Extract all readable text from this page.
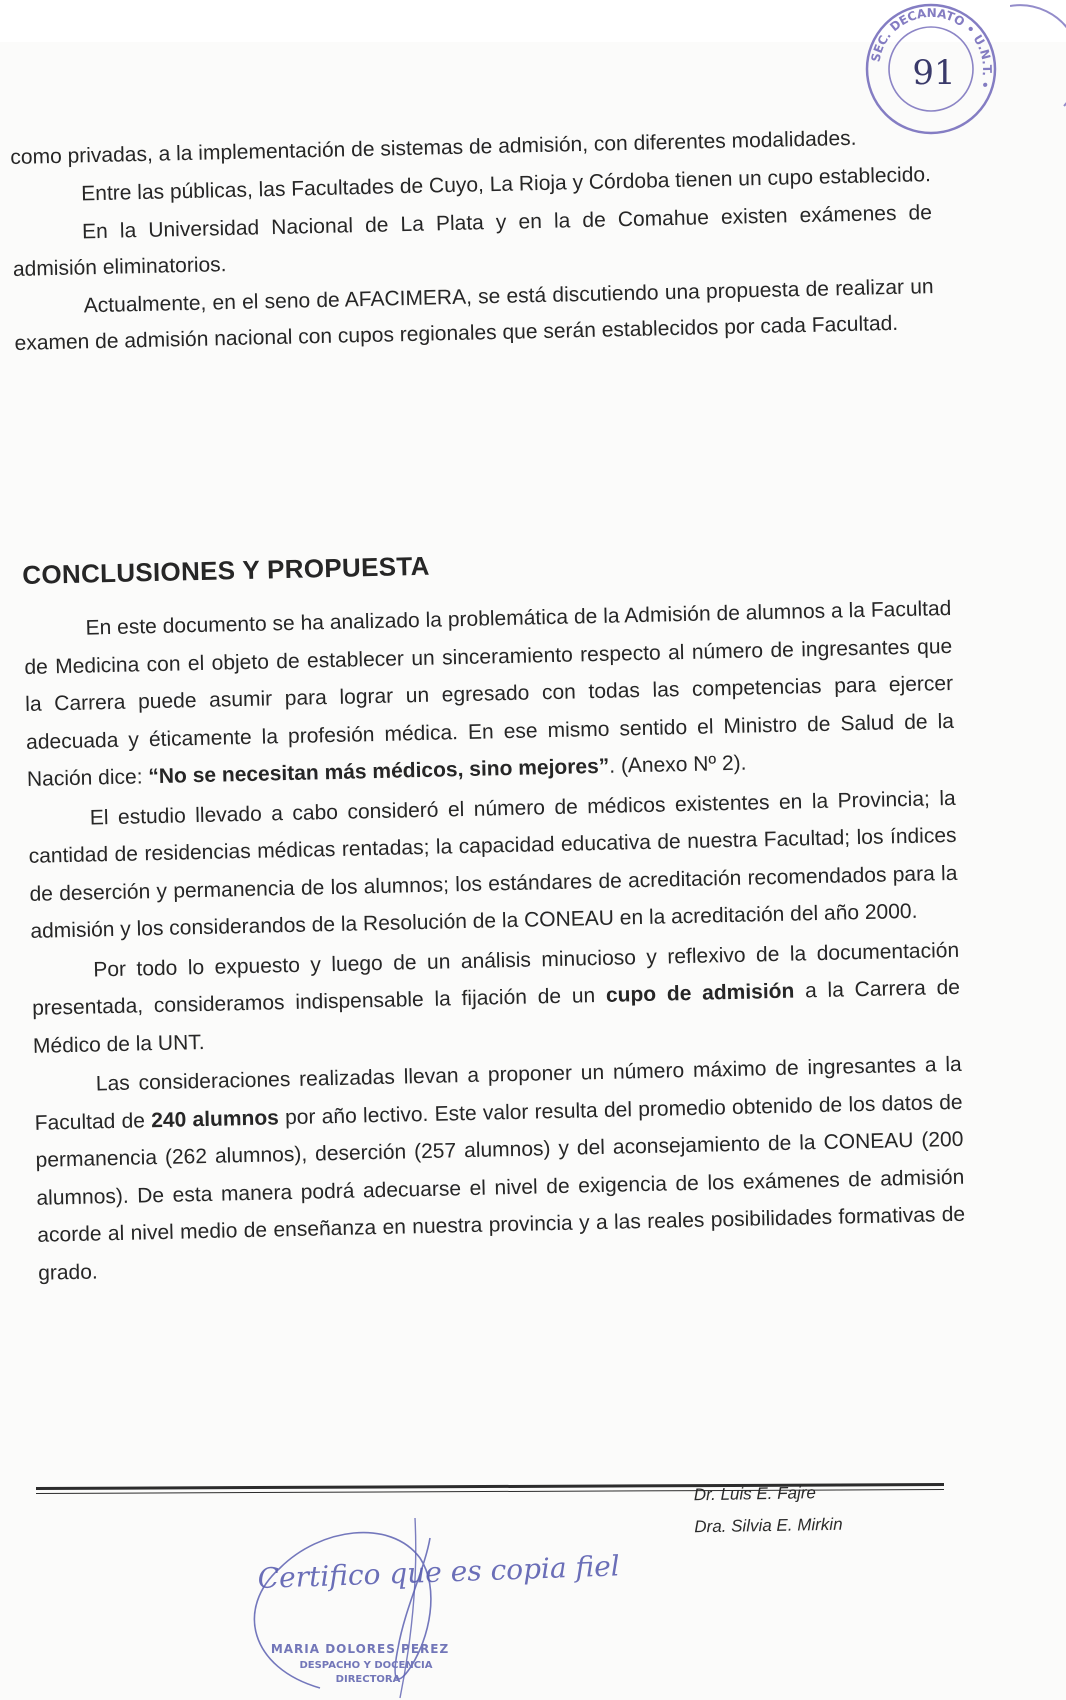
SEC. DECANATO • U.N.T. •
91

como privadas, a la implementación de sistemas de admisión, con diferentes modalidades.

Entre las públicas, las Facultades de Cuyo, La Rioja y Córdoba tienen un cupo establecido.

En la Universidad Nacional de La Plata y en la de Comahue existen exámenes de admisión eliminatorios.

Actualmente, en el seno de AFACIMERA, se está discutiendo una propuesta de realizar un examen de admisión nacional con cupos regionales que serán establecidos por cada Facultad.

CONCLUSIONES Y PROPUESTA

En este documento se ha analizado la problemática de la Admisión de alumnos a la Facultad de Medicina con el objeto de establecer un sinceramiento respecto al número de ingresantes que la Carrera puede asumir para lograr un egresado con todas las competencias para ejercer adecuada y éticamente la profesión médica. En ese mismo sentido el Ministro de Salud de la Nación dice: “No se necesitan más médicos, sino mejores”. (Anexo Nº 2).

El estudio llevado a cabo consideró el número de médicos existentes en la Provincia; la cantidad de residencias médicas rentadas; la capacidad educativa de nuestra Facultad; los índices de deserción y permanencia de los alumnos; los estándares de acreditación recomendados para la admisión y los considerandos de la Resolución de la CONEAU en la acreditación del año 2000.

Por todo lo expuesto y luego de un análisis minucioso y reflexivo de la documentación presentada, consideramos indispensable la fijación de un cupo de admisión a la Carrera de Médico de la UNT.

Las consideraciones realizadas llevan a proponer un número máximo de ingresantes a la Facultad de 240 alumnos por año lectivo. Este valor resulta del promedio obtenido de los datos de permanencia (262 alumnos), deserción (257 alumnos) y del aconsejamiento de la CONEAU (200 alumnos). De esta manera podrá adecuarse el nivel de exigencia de los exámenes de admisión acorde al nivel medio de enseñanza en nuestra provincia y a las reales posibilidades formativas de grado.

Dr. Luis E. Fajre
Dra. Silvia E. Mirkin
Certifico que es copia fiel
MARIA DOLORES PEREZ
DESPACHO Y DOCENCIA
DIRECTORA
